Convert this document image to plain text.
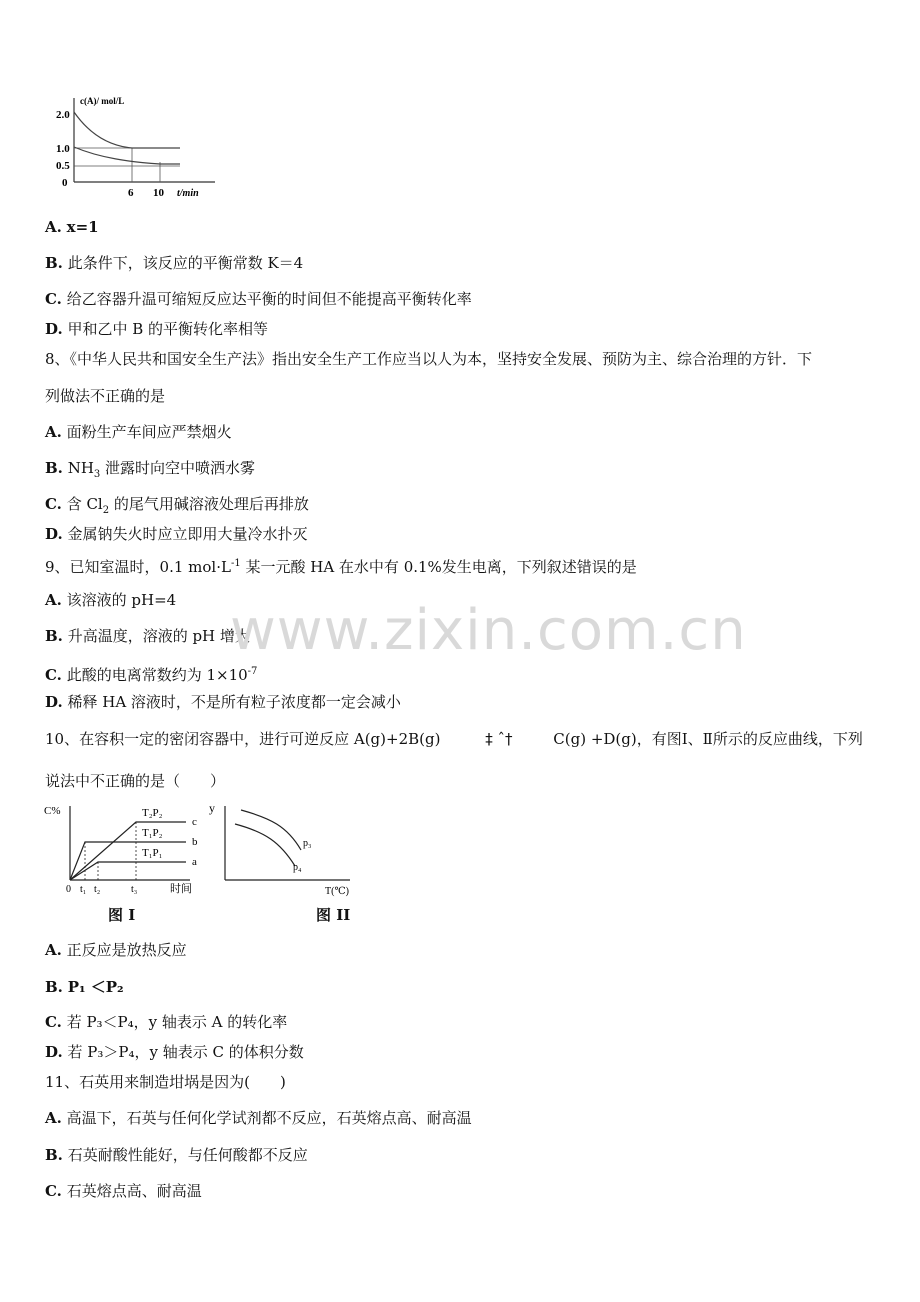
c(A)/ mol/L
2.0
1.0
0.5
0
6 10 t/min
A. x=1
B. 此条件下，该反应的平衡常数 K＝4
C. 给乙容器升温可缩短反应达平衡的时间但不能提高平衡转化率
D. 甲和乙中 B 的平衡转化率相等
8、《中华人民共和国安全生产法》指出安全生产工作应当以人为本，坚持安全发展、预防为主、综合治理的方针．下
列做法不正确的是
A. 面粉生产车间应严禁烟火
B. $NH_3$ 泄露时向空中喷洒水雾
C. 含 $Cl_2$ 的尾气用碱溶液处理后再排放
D. 金属钠失火时应立即用大量冷水扑灭
9、已知室温时，0.1 $mol\cdot L^{-1}$ 某一元酸 HA 在水中有 0.1%发生电离，下列叙述错误的是
A. 该溶液的 pH=4
B. 升高温度，溶液的 pH 增大
C. 此酸的电离常数约为 $1\times 10^{-7}$
D. 稀释 HA 溶液时，不是所有粒子浓度都一定会减小
www.zixin.com.cn
10、在容积一定的密闭容器中，进行可逆反应 A(g)+2B(g)	‡ ˆ†	C(g) +D(g)，有图Ⅰ、Ⅱ所示的反应曲线，下列
说法中不正确的是（　　）
C%	T₂P₂
T₁P₂
T₁P₁
c
b
a
0 t₁ t₂	t₃	时间
图 I
y
p₃
p₄
T(℃)
图 II
A. 正反应是放热反应
B. P₁ ＜P₂
C. 若 P₃＜P₄，y 轴表示 A 的转化率
D. 若 P₃＞P₄，y 轴表示 C 的体积分数
11、石英用来制造坩埚是因为(　　)
A. 高温下，石英与任何化学试剂都不反应，石英熔点高、耐高温
B. 石英耐酸性能好，与任何酸都不反应
C. 石英熔点高、耐高温
